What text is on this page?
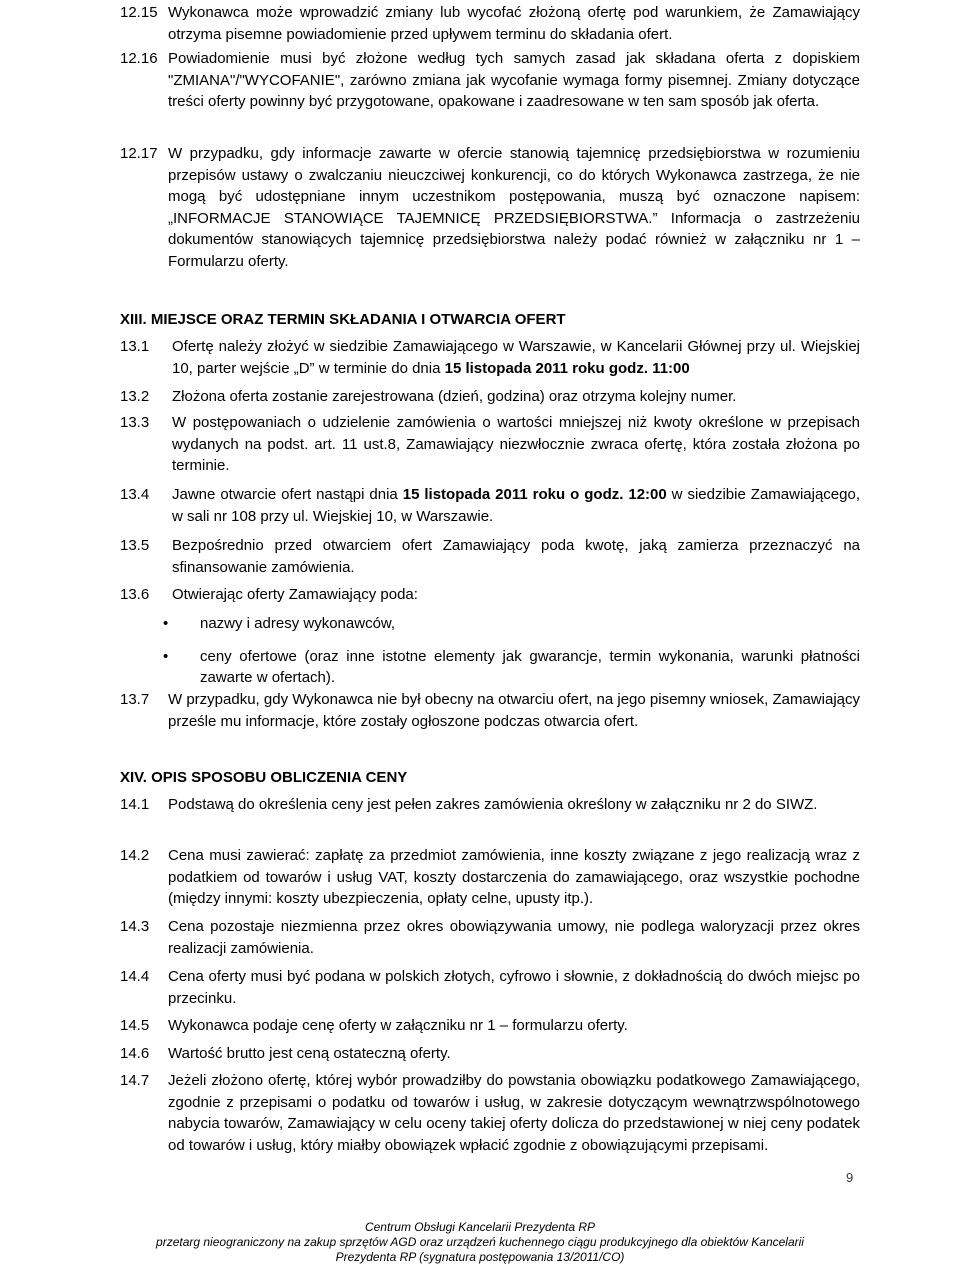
12.15 Wykonawca może wprowadzić zmiany lub wycofać złożoną ofertę pod warunkiem, że Zamawiający otrzyma pisemne powiadomienie przed upływem terminu do składania ofert.
12.16 Powiadomienie musi być złożone według tych samych zasad jak składana oferta z dopiskiem "ZMIANA"/"WYCOFANIE", zarówno zmiana jak wycofanie wymaga formy pisemnej. Zmiany dotyczące treści oferty powinny być przygotowane, opakowane i zaadresowane w ten sam sposób jak oferta.
12.17 W przypadku, gdy informacje zawarte w ofercie stanowią tajemnicę przedsiębiorstwa w rozumieniu przepisów ustawy o zwalczaniu nieuczciwej konkurencji, co do których Wykonawca zastrzega, że nie mogą być udostępniane innym uczestnikom postępowania, muszą być oznaczone napisem: „INFORMACJE STANOWIĄCE TAJEMNICĘ PRZEDSIĘBIORSTWA.” Informacja o zastrzeżeniu dokumentów stanowiących tajemnicę przedsiębiorstwa należy podać również w załączniku nr 1 – Formularzu oferty.
XIII. MIEJSCE ORAZ TERMIN SKŁADANIA I OTWARCIA OFERT
13.1	Ofertę należy złożyć w siedzibie Zamawiającego w Warszawie, w Kancelarii Głównej przy ul. Wiejskiej 10, parter wejście „D” w terminie do dnia 15 listopada 2011 roku godz. 11:00
13.2	Złożona oferta zostanie zarejestrowana (dzień, godzina) oraz otrzyma kolejny numer.
13.3	W postępowaniach o udzielenie zamówienia o wartości mniejszej niż kwoty określone w przepisach wydanych na podst. art. 11 ust.8, Zamawiający niezwłocznie zwraca ofertę, która została złożona po terminie.
13.4	Jawne otwarcie ofert nastąpi dnia 15 listopada 2011 roku o godz. 12:00 w siedzibie Zamawiającego, w sali nr 108 przy ul. Wiejskiej 10, w Warszawie.
13.5	Bezpośrednio przed otwarciem ofert Zamawiający poda kwotę, jaką zamierza przeznaczyć na sfinansowanie zamówienia.
13.6	Otwierając oferty Zamawiający poda:
• nazwy i adresy wykonawców,
• ceny ofertowe (oraz inne istotne elementy jak gwarancje, termin wykonania, warunki płatności zawarte w ofertach).
13.7	W przypadku, gdy Wykonawca nie był obecny na otwarciu ofert, na jego pisemny wniosek, Zamawiający prześle mu informacje, które zostały ogłoszone podczas otwarcia ofert.
XIV. OPIS SPOSOBU OBLICZENIA CENY
14.1	Podstawą do określenia ceny jest pełen zakres zamówienia określony w załączniku nr 2 do SIWZ.
14.2	Cena musi zawierać: zapłatę za przedmiot zamówienia, inne koszty związane z jego realizacją wraz z podatkiem od towarów i usług VAT, koszty dostarczenia do zamawiającego, oraz wszystkie pochodne (między innymi: koszty ubezpieczenia, opłaty celne, upusty itp.).
14.3	Cena pozostaje niezmienna przez okres obowiązywania umowy, nie podlega waloryzacji przez okres realizacji zamówienia.
14.4	Cena oferty musi być podana w polskich złotych, cyfrowo i słownie, z dokładnością do dwóch miejsc po przecinku.
14.5	Wykonawca podaje cenę oferty w załączniku nr 1 – formularzu oferty.
14.6	Wartość brutto jest ceną ostateczną oferty.
14.7	Jeżeli złożono ofertę, której wybór prowadziłby do powstania obowiązku podatkowego Zamawiającego, zgodnie z przepisami o podatku od towarów i usług, w zakresie dotyczącym wewnątrzwspólnotowego nabycia towarów, Zamawiający w celu oceny takiej oferty dolicza do przedstawionej w niej ceny podatek od towarów i usług, który miałby obowiązek wpłacić zgodnie z obowiązującymi przepisami.
9
Centrum Obsługi Kancelarii Prezydenta RP
przetarg nieograniczony na zakup sprzętów AGD oraz urządzeń kuchennego ciągu produkcyjnego dla obiektów Kancelarii
Prezydenta RP (sygnatura postępowania 13/2011/CO)
